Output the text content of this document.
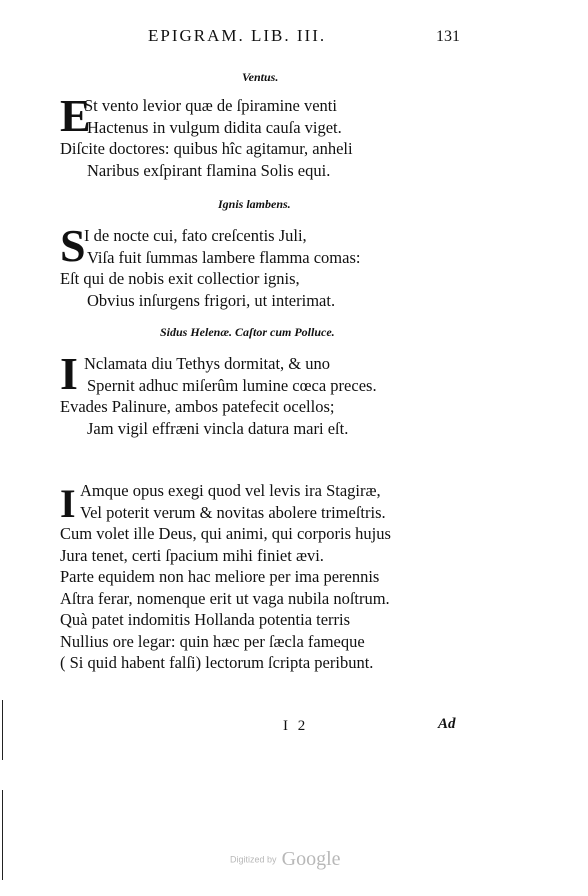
EPIGRAM. LIB. III.	131
Ventus.
E
St vento levior quæ de ſpiramine venti
Hactenus in vulgum didita cauſa viget.
Diſcite doctores: quibus hîc agitamur, anheli
Naribus exſpirant flamina Solis equi.
Ignis lambens.
S
I de nocte cui, fato creſcentis Juli,
Viſa fuit ſummas lambere flamma comas:
Eſt qui de nobis exit collectior ignis,
Obvius inſurgens frigori, ut interimat.
Sidus Helenæ. Caſtor cum Polluce.
I Nclamata diu Tethys dormitat, & uno
Spernit adhuc miſerûm lumine cœca preces.
Evades Palinure, ambos patefecit ocellos;
Jam vigil effræni vincla datura mari eſt.
I Amque opus exegi quod vel levis ira Stagiræ,
Vel poterit verum & novitas abolere trimeſtris.
Cum volet ille Deus, qui animi, qui corporis hujus
Jura tenet, certi ſpacium mihi finiet ævi.
Parte equidem non hac meliore per ima perennis
Aſtra ferar, nomenque erit ut vaga nubila noſtrum.
Quà patet indomitis Hollanda potentia terris
Nullius ore legar: quin hæc per ſæcla fameque
( Si quid habent falſi) lectorum ſcripta peribunt.
I 2	Ad
Digitized by Google
